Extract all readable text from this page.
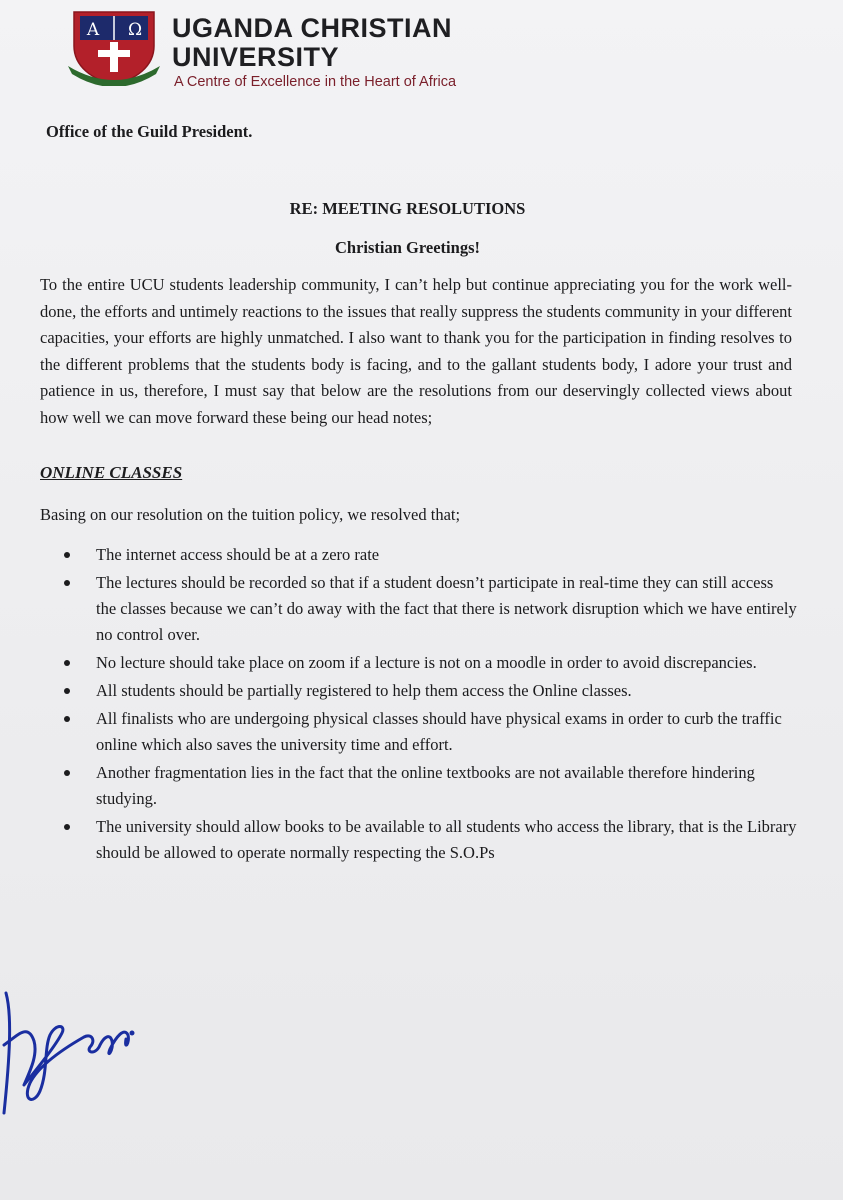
Α Ω UGANDA CHRISTIAN
UNIVERSITY
A Centre of Excellence in the Heart of Africa
Office of the Guild President.
RE: MEETING RESOLUTIONS
Christian Greetings!

To the entire UCU students leadership community, I can’t help but continue appreciating you for the work well-done, the efforts and untimely reactions to the issues that really suppress the students community in your different capacities, your efforts are highly unmatched. I also want to thank you for the participation in finding resolves to the different problems that the students body is facing, and to the gallant students body, I adore your trust and patience in us, therefore, I must say that below are the resolutions from our deservingly collected views about how well we can move forward these being our head notes;

ONLINE CLASSES
Basing on our resolution on the tuition policy, we resolved that;
The internet access should be at a zero rate
The lectures should be recorded so that if a student doesn’t participate in real-time they can still access the classes because we can’t do away with the fact that there is network disruption which we have entirely no control over.
No lecture should take place on zoom if a lecture is not on a moodle in order to avoid discrepancies.
All students should be partially registered to help them access the Online classes.
All finalists who are undergoing physical classes should have physical exams in order to curb the traffic online which also saves the university time and effort.
Another fragmentation lies in the fact that the online textbooks are not available therefore hindering studying.
The university should allow books to be available to all students who access the library, that is the Library should be allowed to operate normally respecting the S.O.Ps
